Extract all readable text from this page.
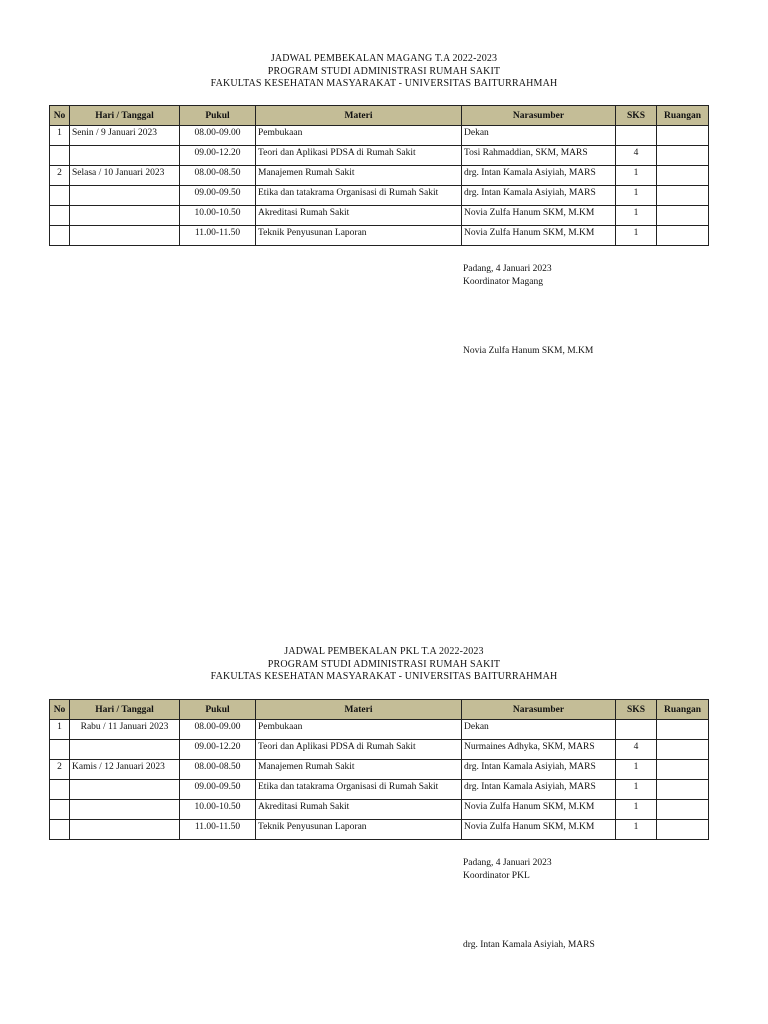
JADWAL PEMBEKALAN MAGANG T.A 2022-2023
PROGRAM STUDI ADMINISTRASI RUMAH SAKIT
FAKULTAS KESEHATAN MASYARAKAT - UNIVERSITAS BAITURRAHMAH
No	Hari / Tanggal	Pukul	Materi	Narasumber	SKS	Ruangan
1	Senin / 9 Januari 2023	08.00-09.00	Pembukaan	Dekan		
		09.00-12.20	Teori dan Aplikasi PDSA di Rumah Sakit	Tosi Rahmaddian, SKM, MARS	4	
2	Selasa / 10 Januari 2023	08.00-08.50	Manajemen Rumah Sakit	drg. Intan Kamala Asiyiah, MARS	1	
		09.00-09.50	Etika dan tatakrama Organisasi di Rumah Sakit	drg. Intan Kamala Asiyiah, MARS	1	
		10.00-10.50	Akreditasi Rumah Sakit	Novia Zulfa Hanum SKM, M.KM	1	
		11.00-11.50	Teknik Penyusunan Laporan	Novia Zulfa Hanum SKM, M.KM	1	
Padang, 4 Januari 2023
Koordinator Magang
Novia Zulfa Hanum SKM, M.KM
JADWAL PEMBEKALAN PKL T.A 2022-2023
PROGRAM STUDI ADMINISTRASI RUMAH SAKIT
FAKULTAS KESEHATAN MASYARAKAT - UNIVERSITAS BAITURRAHMAH
No	Hari / Tanggal	Pukul	Materi	Narasumber	SKS	Ruangan
1	Rabu / 11 Januari 2023	08.00-09.00	Pembukaan	Dekan		
		09.00-12.20	Teori dan Aplikasi PDSA di Rumah Sakit	Nurmaines Adhyka, SKM, MARS	4	
2	Kamis / 12 Januari 2023	08.00-08.50	Manajemen Rumah Sakit	drg. Intan Kamala Asiyiah, MARS	1	
		09.00-09.50	Etika dan tatakrama Organisasi di Rumah Sakit	drg. Intan Kamala Asiyiah, MARS	1	
		10.00-10.50	Akreditasi Rumah Sakit	Novia Zulfa Hanum SKM, M.KM	1	
		11.00-11.50	Teknik Penyusunan Laporan	Novia Zulfa Hanum SKM, M.KM	1	
Padang, 4 Januari 2023
Koordinator PKL
drg. Intan Kamala Asiyiah, MARS
